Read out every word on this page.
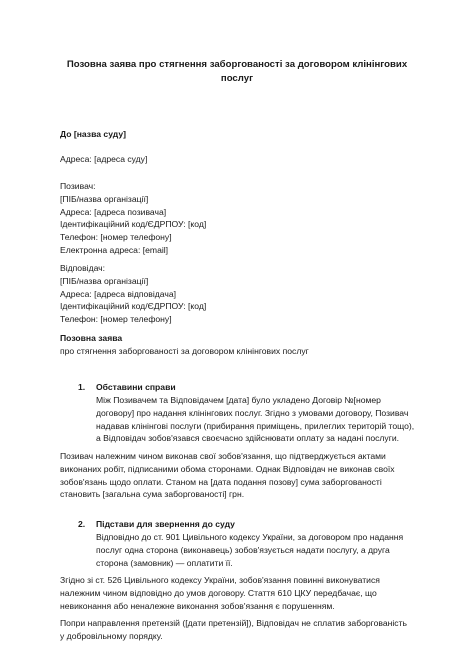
Позовна заява про стягнення заборгованості за договором клінінгових
послуг
До [назва суду]
Адреса: [адреса суду]
Позивач:
[ПІБ/назва організації]
Адреса: [адреса позивача]
Ідентифікаційний код/ЄДРПОУ: [код]
Телефон: [номер телефону]
Електронна адреса: [email]
Відповідач:
[ПІБ/назва організації]
Адреса: [адреса відповідача]
Ідентифікаційний код/ЄДРПОУ: [код]
Телефон: [номер телефону]
Позовна заява
про стягнення заборгованості за договором клінінгових послуг
1. Обставини справи
Між Позивачем та Відповідачем [дата] було укладено Договір №[номер
договору] про надання клінінгових послуг. Згідно з умовами договору, Позивач
надавав клінінгові послуги (прибирання приміщень, прилеглих територій тощо),
а Відповідач зобов'язався своєчасно здійснювати оплату за надані послуги.
Позивач належним чином виконав свої зобов'язання, що підтверджується актами
виконаних робіт, підписаними обома сторонами. Однак Відповідач не виконав своїх
зобов'язань щодо оплати. Станом на [дата подання позову] сума заборгованості
становить [загальна сума заборгованості] грн.
2. Підстави для звернення до суду
Відповідно до ст. 901 Цивільного кодексу України, за договором про надання
послуг одна сторона (виконавець) зобов'язується надати послугу, а друга
сторона (замовник) — оплатити її.
Згідно зі ст. 526 Цивільного кодексу України, зобов'язання повинні виконуватися
належним чином відповідно до умов договору. Стаття 610 ЦКУ передбачає, що
невиконання або неналежне виконання зобов'язання є порушенням.
Попри направлення претензій ([дати претензій]), Відповідач не сплатив заборгованість
у добровільному порядку.
